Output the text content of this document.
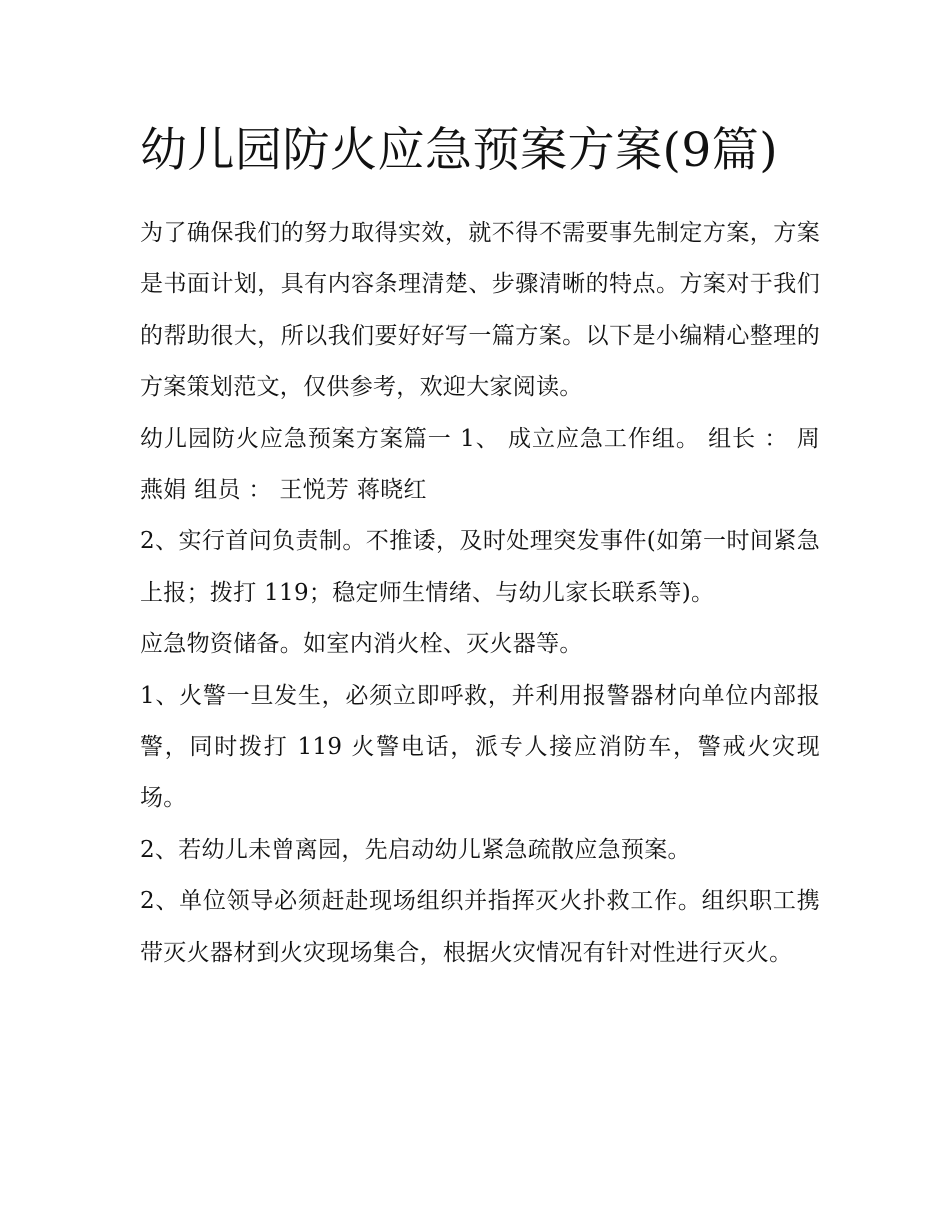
幼儿园防火应急预案方案(9篇)

为了确保我们的努力取得实效，就不得不需要事先制定方案，方案是书面计划，具有内容条理清楚、步骤清晰的特点。方案对于我们的帮助很大，所以我们要好好写一篇方案。以下是小编精心整理的方案策划范文，仅供参考，欢迎大家阅读。

幼儿园防火应急预案方案篇一 1、 成立应急工作组。 组长 ： 周燕娟 组员 ： 王悦芳 蒋晓红

2、实行首问负责制。不推诿，及时处理突发事件(如第一时间紧急上报；拨打 119；稳定师生情绪、与幼儿家长联系等)。

应急物资储备。如室内消火栓、灭火器等。

1、火警一旦发生，必须立即呼救，并利用报警器材向单位内部报警，同时拨打 119 火警电话，派专人接应消防车，警戒火灾现场。

2、若幼儿未曾离园，先启动幼儿紧急疏散应急预案。

2、单位领导必须赶赴现场组织并指挥灭火扑救工作。组织职工携带灭火器材到火灾现场集合，根据火灾情况有针对性进行灭火。
